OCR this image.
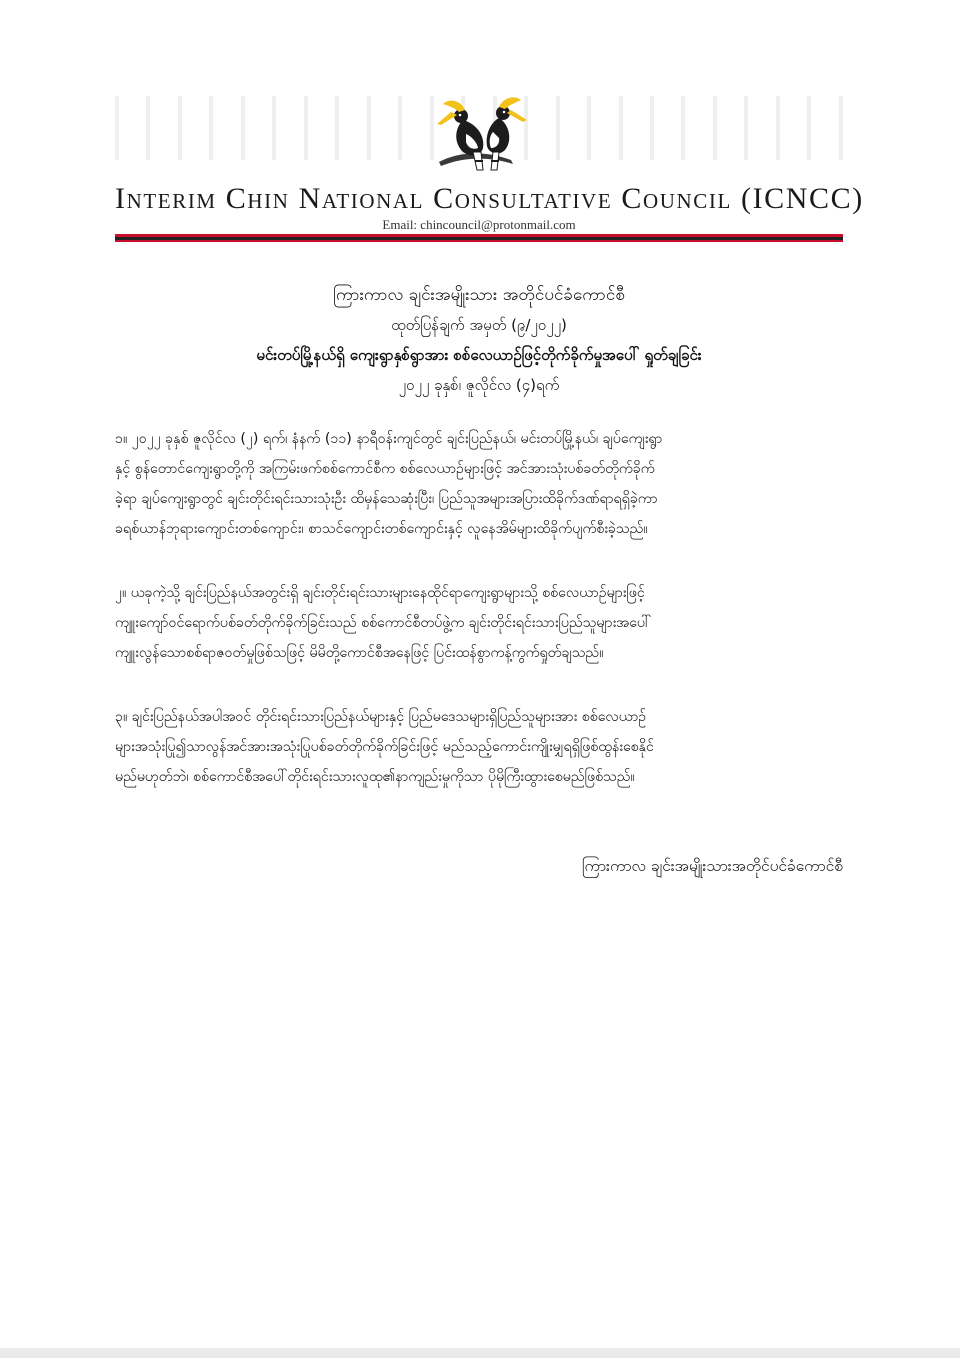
Interim Chin National Consultative Council (ICNCC)
Email: chincouncil@protonmail.com
ကြားကာလ ချင်းအမျိုးသား အတိုင်ပင်ခံကောင်စီ
ထုတ်ပြန်ချက် အမှတ် (၉/၂၀၂၂)
မင်းတပ်မြို့နယ်ရှိ ကျေးရွာနှစ်ရွာအား စစ်လေယာဉ်ဖြင့်တိုက်ခိုက်မှုအပေါ် ရှုတ်ချခြင်း
၂၀၂၂ ခုနှစ်၊ ဇူလိုင်လ (၄)ရက်
၁။ ၂၀၂၂ ခုနှစ် ဇူလိုင်လ (၂) ရက်၊ နံနက် (၁၁) နာရီဝန်းကျင်တွင် ချင်းပြည်နယ်၊ မင်းတပ်မြို့နယ်၊ ချပ်ကျေးရွာ
နှင့် စွန်တောင်ကျေးရွာတို့ကို အကြမ်းဖက်စစ်ကောင်စီက စစ်လေယာဉ်များဖြင့် အင်အားသုံးပစ်ခတ်တိုက်ခိုက်
ခဲ့ရာ ချပ်ကျေးရွာတွင် ချင်းတိုင်းရင်းသားသုံးဦး ထိမှန်သေဆုံးပြီး၊ ပြည်သူအများအပြားထိခိုက်ဒဏ်ရာရရှိခဲ့ကာ
ခရစ်ယာန်ဘုရားကျောင်းတစ်ကျောင်း၊ စာသင်ကျောင်းတစ်ကျောင်းနှင့် လူနေအိမ်များထိခိုက်ပျက်စီးခဲ့သည်။
၂။ ယခုကဲ့သို့ ချင်းပြည်နယ်အတွင်းရှိ ချင်းတိုင်းရင်းသားများနေထိုင်ရာကျေးရွာများသို့ စစ်လေယာဉ်များဖြင့်
ကျူးကျော်ဝင်ရောက်ပစ်ခတ်တိုက်ခိုက်ခြင်းသည် စစ်ကောင်စီတပ်ဖွဲ့က ချင်းတိုင်းရင်းသားပြည်သူများအပေါ်
ကျူးလွန်သောစစ်ရာဇဝတ်မှုဖြစ်သဖြင့် မိမိတို့ကောင်စီအနေဖြင့် ပြင်းထန်စွာကန့်ကွက်ရှုတ်ချသည်။
၃။ ချင်းပြည်နယ်အပါအဝင် တိုင်းရင်းသားပြည်နယ်များနှင့် ပြည်မဒေသများရှိပြည်သူများအား စစ်လေယာဉ်
များအသုံးပြု၍သာလွန်အင်အားအသုံးပြုပစ်ခတ်တိုက်ခိုက်ခြင်းဖြင့် မည်သည့်ကောင်းကျိုးမျှရရှိဖြစ်ထွန်းစေနိုင်
မည်မဟုတ်ဘဲ၊ စစ်ကောင်စီအပေါ်တိုင်းရင်းသားလူထု၏နာကျည်းမှုကိုသာ ပိုမိုကြီးထွားစေမည်ဖြစ်သည်။
ကြားကာလ ချင်းအမျိုးသားအတိုင်ပင်ခံကောင်စီ
